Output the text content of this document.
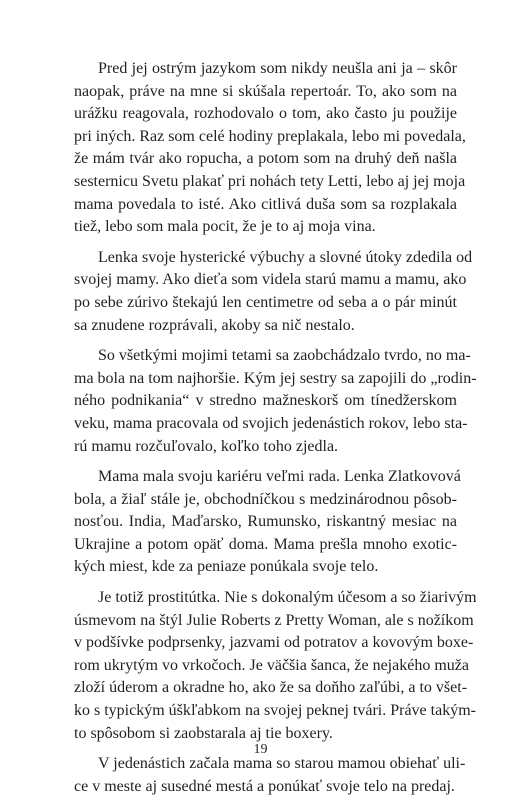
Pred jej ostrým jazykom som nikdy neušla ani ja – skôr
naopak, práve na mne si skúšala repertoár. To, ako som na
urážku reagovala, rozhodovalo o tom, ako často ju použije
pri iných. Raz som celé hodiny preplakala, lebo mi povedala,
že mám tvár ako ropucha, a potom som na druhý deň našla
sesternicu Svetu plakať pri nohách tety Letti, lebo aj jej moja
mama povedala to isté. Ako citlivá duša som sa rozplakala
tiež, lebo som mala pocit, že je to aj moja vina.
Lenka svoje hysterické výbuchy a slovné útoky zdedila od
svojej mamy. Ako dieťa som videla starú mamu a mamu, ako
po sebe zúrivo štekajú len centimetre od seba a o pár minút
sa znudene rozprávali, akoby sa nič nestalo.
So všetkými mojimi tetami sa zaobchádzalo tvrdo, no ma-
ma bola na tom najhoršie. Kým jej sestry sa zapojili do „rodin-
ného podnikania“ v stredno mažneskorš om tínedžerskom
veku, mama pracovala od svojich jedenástich rokov, lebo sta-
rú mamu rozčuľovalo, koľko toho zjedla.
Mama mala svoju kariéru veľmi rada. Lenka Zlatkovová
bola, a žiaľ stále je, obchodníčkou s medzinárodnou pôsob-
nosťou. India, Maďarsko, Rumunsko, riskantný mesiac na
Ukrajine a potom opäť doma. Mama prešla mnoho exotic-
kých miest, kde za peniaze ponúkala svoje telo.
Je totiž prostitútka. Nie s dokonalým účesom a so žiarivým
úsmevom na štýl Julie Roberts z Pretty Woman, ale s nožíkom
v podšívke podprsenky, jazvami od potratov a kovovým boxe-
rom ukrytým vo vrkočoch. Je väčšia šanca, že nejakého muža
zloží úderom a okradne ho, ako že sa doňho zaľúbi, a to všet-
ko s typickým úškľabkom na svojej peknej tvári. Práve takým-
to spôsobom si zaobstarala aj tie boxery.
V jedenástich začala mama so starou mamou obiehať uli-
ce v meste aj susedné mestá a ponúkať svoje telo na predaj.
19
